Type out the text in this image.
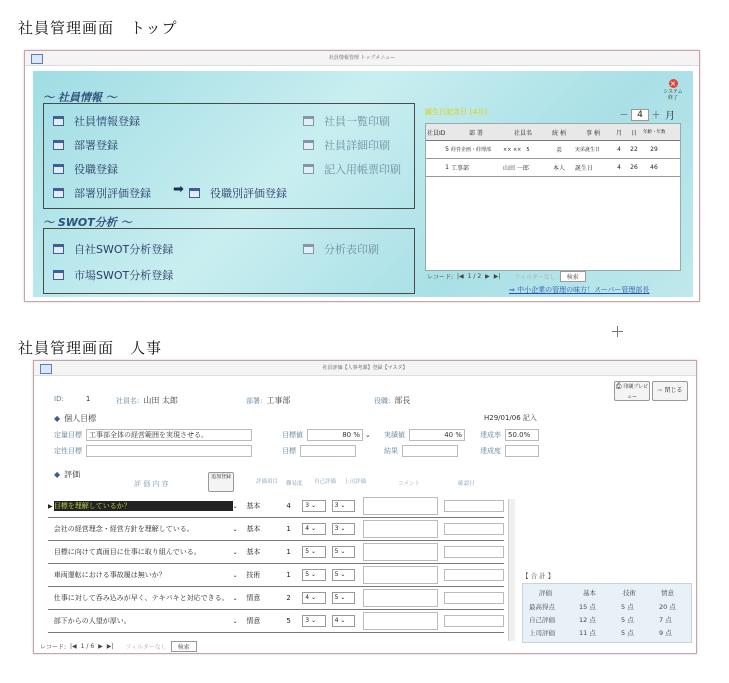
社員管理画面　トップ
社員管理画面　人事
社員情報管理 トップメニュー
×
システム終了
～ 社員情報 ～
社員情報登録
部署登録
役職登録
部署別評価登録 ➡ 役職別評価登録
社員一覧印刷
社員詳細印刷
記入用帳票印刷
～ SWOT分析 ～
自社SWOT分析登録
市場SWOT分析登録
分析表印刷
誕生日記念日 (4月)	－ 4 ＋ 月
社員ID	部 署	社員名	続 柄	事 柄	月	日	年齢・年数
5 経営企画・経理部	×× ××　5	弟	実弟誕生日	4	22	29
1 工事部	山田 一郎	本人	誕生日	4	26	46
レコード: |◀ 1 / 2 ▶ ▶| フィルターなし	検索
⇒ 中小企業の管理の味方！スーパー管理部長
社員評価【人事考課】登録【マスタ】
⎙ 印刷プレビュー
⇨ 閉じる
ID:	1	社員名: 山田 太郎	部署: 工事部	役職: 部長
◆ 個人目標	H29/01/06 記入
定量目標	工事部全体の経営範囲を実現させる。	目標値	80 % ⌄ 実績値	40 %	達成率	50.0%
定性目標	目標	結果	達成度
◆ 評価
評 価 内 容
追加登録
評価項目 難易度 自己評価 上司評価	コメント	確認日
▶ 目標を理解しているか？	⌄	基本	4	3 ⌄	3 ⌄
会社の経営理念・経営方針を理解している。	⌄	基本	1	4 ⌄	3 ⌄
目標に向けて真面目に仕事に取り組んでいる。	⌄	基本	1	5 ⌄	5 ⌄
車両運転における事故履は無いか？	⌄	技術	1	5 ⌄	5 ⌄
仕事に対して呑み込みが早く、テキパキと対応できる。 ⌄	情意	2	4 ⌄	5 ⌄
部下からの人望が厚い。	⌄	情意	5	3 ⌄	4 ⌄
【 合 計 】
評価	基本	技術	情意
最高得点	15 点	5 点	20 点
自己評価	12 点	5 点	7 点
上司評価	11 点	5 点	9 点
レコード: |◀ 1 / 6 ▶ ▶| フィルターなし	検索
